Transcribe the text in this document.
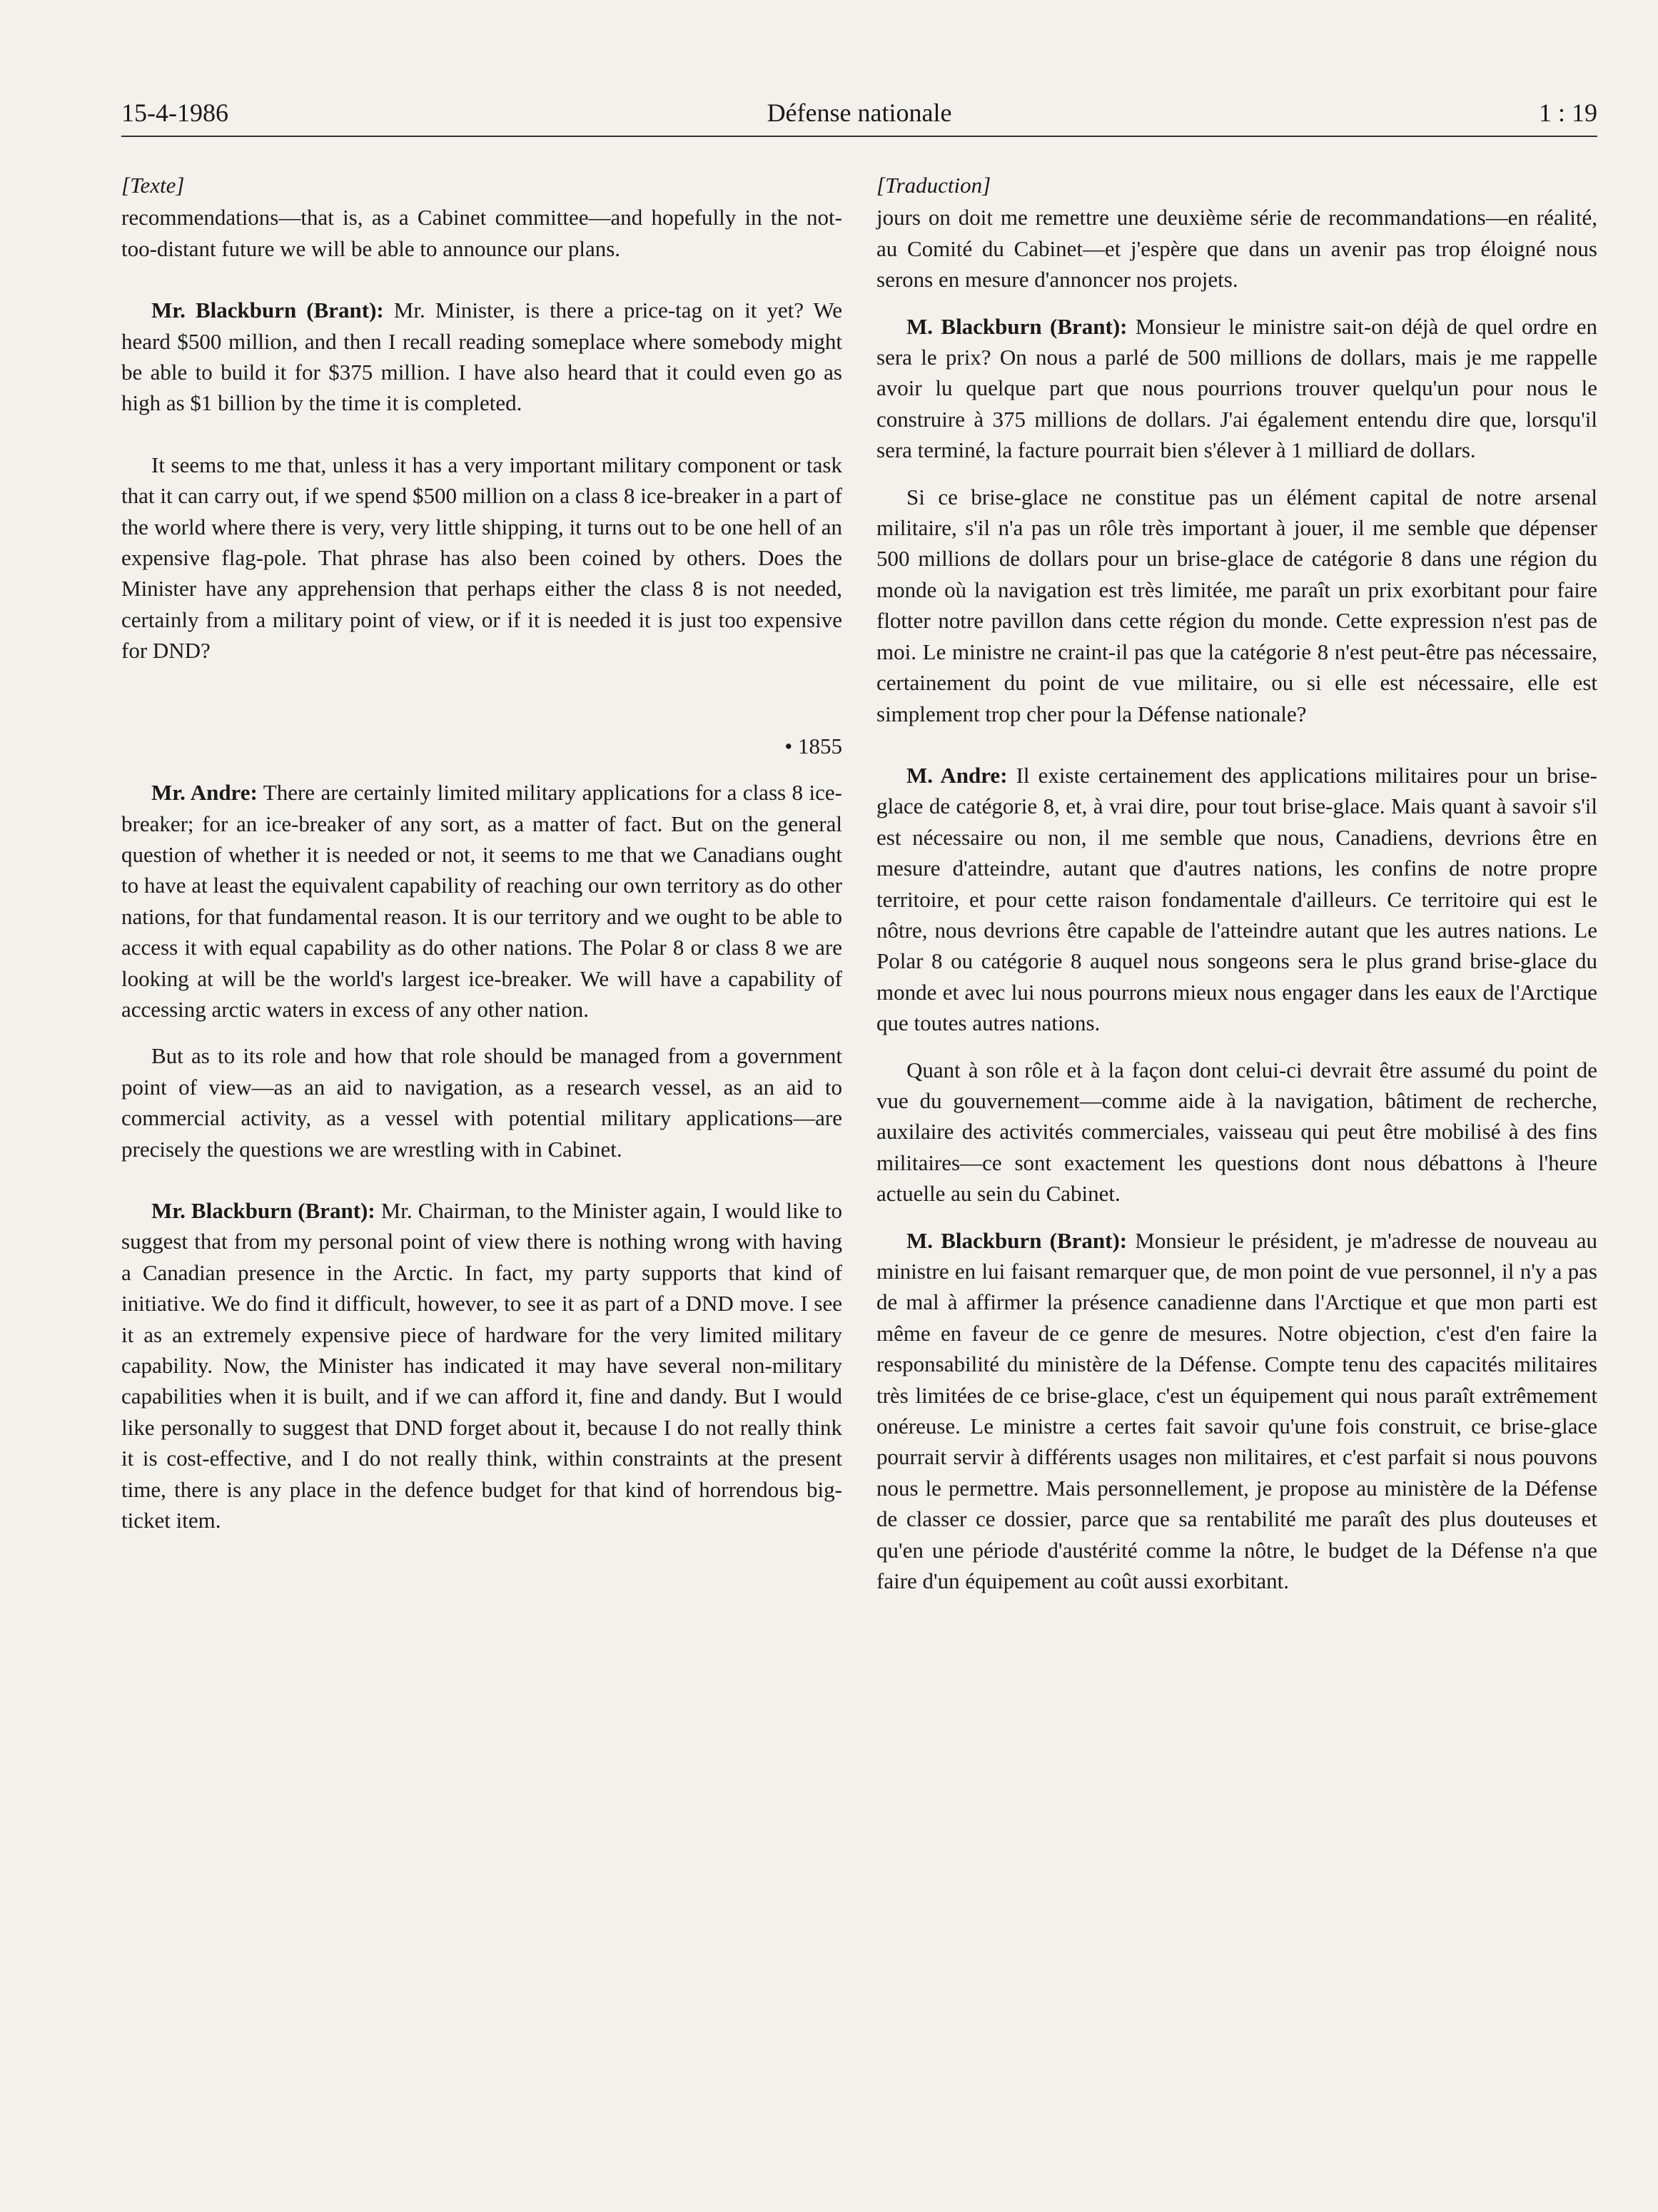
Défense nationale
15-4-1986	1 : 19

[Texte]

recommendations—that is, as a Cabinet committee—and hopefully in the not-too-distant future we will be able to announce our plans.

Mr. Blackburn (Brant): Mr. Minister, is there a price-tag on it yet? We heard $500 million, and then I recall reading someplace where somebody might be able to build it for $375 million. I have also heard that it could even go as high as $1 billion by the time it is completed.

It seems to me that, unless it has a very important military component or task that it can carry out, if we spend $500 million on a class 8 ice-breaker in a part of the world where there is very, very little shipping, it turns out to be one hell of an expensive flag-pole. That phrase has also been coined by others. Does the Minister have any apprehension that perhaps either the class 8 is not needed, certainly from a military point of view, or if it is needed it is just too expensive for DND?

• 1855

Mr. Andre: There are certainly limited military applications for a class 8 ice-breaker; for an ice-breaker of any sort, as a matter of fact. But on the general question of whether it is needed or not, it seems to me that we Canadians ought to have at least the equivalent capability of reaching our own territory as do other nations, for that fundamental reason. It is our territory and we ought to be able to access it with equal capability as do other nations. The Polar 8 or class 8 we are looking at will be the world's largest ice-breaker. We will have a capability of accessing arctic waters in excess of any other nation.

But as to its role and how that role should be managed from a government point of view—as an aid to navigation, as a research vessel, as an aid to commercial activity, as a vessel with potential military applications—are precisely the questions we are wrestling with in Cabinet.

Mr. Blackburn (Brant): Mr. Chairman, to the Minister again, I would like to suggest that from my personal point of view there is nothing wrong with having a Canadian presence in the Arctic. In fact, my party supports that kind of initiative. We do find it difficult, however, to see it as part of a DND move. I see it as an extremely expensive piece of hardware for the very limited military capability. Now, the Minister has indicated it may have several non-military capabilities when it is built, and if we can afford it, fine and dandy. But I would like personally to suggest that DND forget about it, because I do not really think it is cost-effective, and I do not really think, within constraints at the present time, there is any place in the defence budget for that kind of horrendous big-ticket item.

[Traduction]

jours on doit me remettre une deuxième série de recommandations—en réalité, au Comité du Cabinet—et j'espère que dans un avenir pas trop éloigné nous serons en mesure d'annoncer nos projets.

M. Blackburn (Brant): Monsieur le ministre sait-on déjà de quel ordre en sera le prix? On nous a parlé de 500 millions de dollars, mais je me rappelle avoir lu quelque part que nous pourrions trouver quelqu'un pour nous le construire à 375 millions de dollars. J'ai également entendu dire que, lorsqu'il sera terminé, la facture pourrait bien s'élever à 1 milliard de dollars.

Si ce brise-glace ne constitue pas un élément capital de notre arsenal militaire, s'il n'a pas un rôle très important à jouer, il me semble que dépenser 500 millions de dollars pour un brise-glace de catégorie 8 dans une région du monde où la navigation est très limitée, me paraît un prix exorbitant pour faire flotter notre pavillon dans cette région du monde. Cette expression n'est pas de moi. Le ministre ne craint-il pas que la catégorie 8 n'est peut-être pas nécessaire, certainement du point de vue militaire, ou si elle est nécessaire, elle est simplement trop cher pour la Défense nationale?

M. Andre: Il existe certainement des applications militaires pour un brise-glace de catégorie 8, et, à vrai dire, pour tout brise-glace. Mais quant à savoir s'il est nécessaire ou non, il me semble que nous, Canadiens, devrions être en mesure d'atteindre, autant que d'autres nations, les confins de notre propre territoire, et pour cette raison fondamentale d'ailleurs. Ce territoire qui est le nôtre, nous devrions être capable de l'atteindre autant que les autres nations. Le Polar 8 ou catégorie 8 auquel nous songeons sera le plus grand brise-glace du monde et avec lui nous pourrons mieux nous engager dans les eaux de l'Arctique que toutes autres nations.

Quant à son rôle et à la façon dont celui-ci devrait être assumé du point de vue du gouvernement—comme aide à la navigation, bâtiment de recherche, auxilaire des activités commerciales, vaisseau qui peut être mobilisé à des fins militaires—ce sont exactement les questions dont nous débattons à l'heure actuelle au sein du Cabinet.

M. Blackburn (Brant): Monsieur le président, je m'adresse de nouveau au ministre en lui faisant remarquer que, de mon point de vue personnel, il n'y a pas de mal à affirmer la présence canadienne dans l'Arctique et que mon parti est même en faveur de ce genre de mesures. Notre objection, c'est d'en faire la responsabilité du ministère de la Défense. Compte tenu des capacités militaires très limitées de ce brise-glace, c'est un équipement qui nous paraît extrêmement onéreuse. Le ministre a certes fait savoir qu'une fois construit, ce brise-glace pourrait servir à différents usages non militaires, et c'est parfait si nous pouvons nous le permettre. Mais personnellement, je propose au ministère de la Défense de classer ce dossier, parce que sa rentabilité me paraît des plus douteuses et qu'en une période d'austérité comme la nôtre, le budget de la Défense n'a que faire d'un équipement au coût aussi exorbitant.
